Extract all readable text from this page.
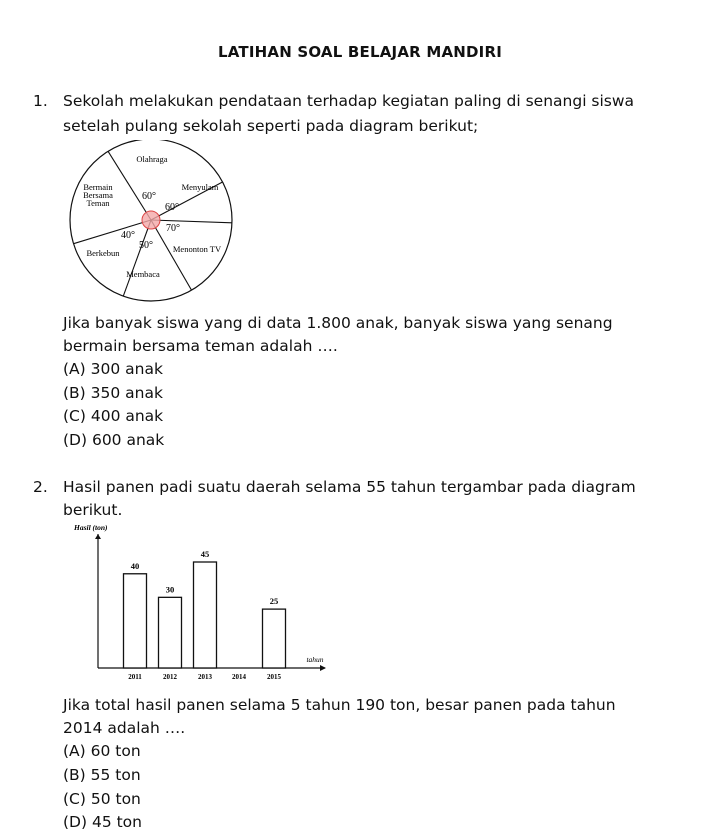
LATIHAN SOAL BELAJAR MANDIRI
1. Sekolah melakukan pendataan terhadap kegiatan paling di senangi siswa
setelah pulang sekolah seperti pada diagram berikut;
Olahraga
Menyulam
Menonton TV
Membaca
Berkebun
Bermain
Bersama
Teman
60°
60°
70°
50°
40°
Jika banyak siswa yang di data 1.800 anak, banyak siswa yang senang
bermain bersama teman adalah ….
(A) 300 anak
(B) 350 anak
(C) 400 anak
(D) 600 anak
2. Hasil panen padi suatu daerah selama 55 tahun tergambar pada diagram
berikut.
Hasil (ton)
tahun
40
2011
30
2012
45
2013	2014
25
2015
Jika total hasil panen selama 5 tahun 190 ton, besar panen pada tahun
2014 adalah ….
(A) 60 ton
(B) 55 ton
(C) 50 ton
(D) 45 ton
